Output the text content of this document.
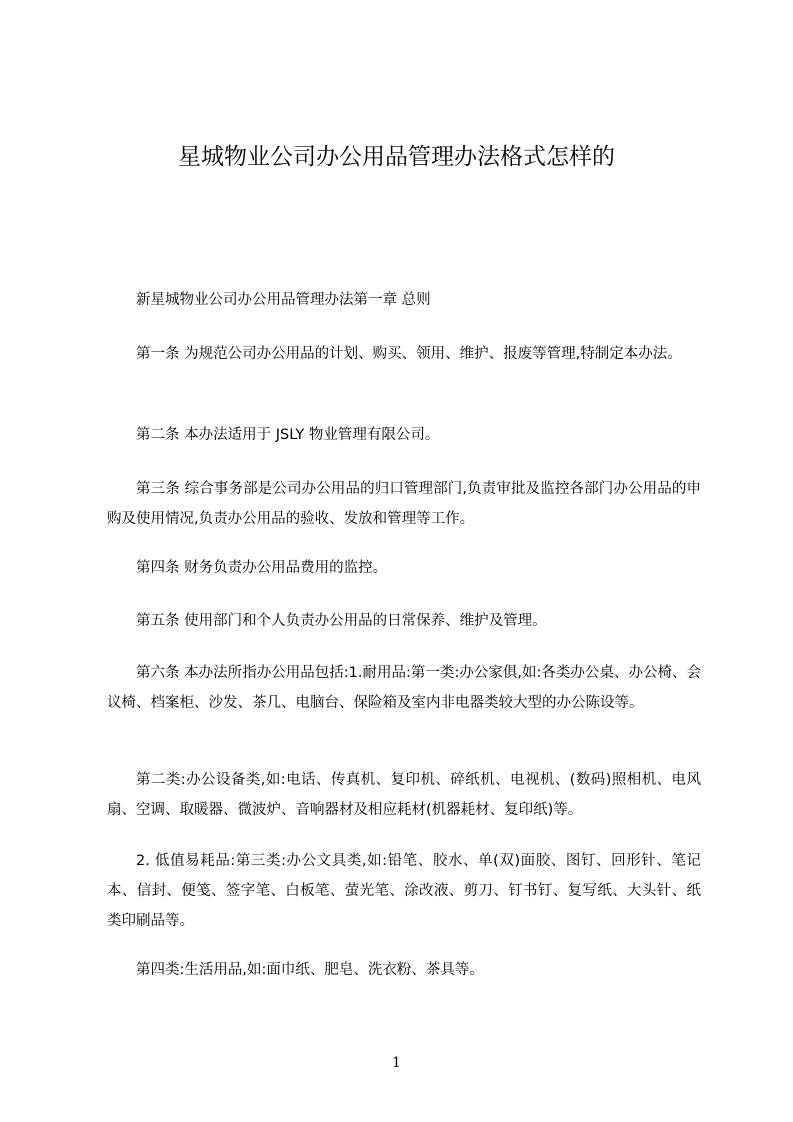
星城物业公司办公用品管理办法格式怎样的

新星城物业公司办公用品管理办法第一章 总则

第一条 为规范公司办公用品的计划、购买、领用、维护、报废等管理,特制定本办法。

第二条 本办法适用于 JSLY 物业管理有限公司。

第三条 综合事务部是公司办公用品的归口管理部门,负责审批及监控各部门办公用品的申购及使用情况,负责办公用品的验收、发放和管理等工作。

第四条 财务负责办公用品费用的监控。

第五条 使用部门和个人负责办公用品的日常保养、维护及管理。

第六条 本办法所指办公用品包括:1.耐用品:第一类:办公家俱,如:各类办公桌、办公椅、会议椅、档案柜、沙发、茶几、电脑台、保险箱及室内非电器类较大型的办公陈设等。

第二类:办公设备类,如:电话、传真机、复印机、碎纸机、电视机、(数码)照相机、电风扇、空调、取暖器、微波炉、音响器材及相应耗材(机器耗材、复印纸)等。

2. 低值易耗品:第三类:办公文具类,如:铅笔、胶水、单(双)面胶、图钉、回形针、笔记本、信封、便笺、签字笔、白板笔、萤光笔、涂改液、剪刀、钉书钉、复写纸、大头针、纸类印刷品等。

第四类:生活用品,如:面巾纸、肥皂、洗衣粉、茶具等。

1
